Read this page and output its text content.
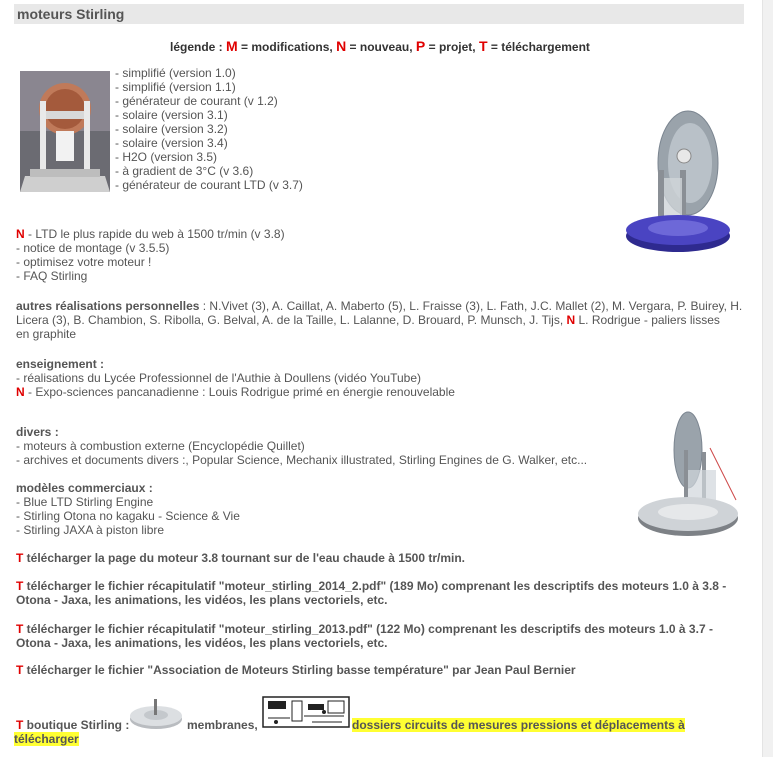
moteurs Stirling
légende : M = modifications, N = nouveau, P = projet, T = téléchargement
- simplifié (version 1.0)
- simplifié (version 1.1)
- générateur de courant (v 1.2)
- solaire (version 3.1)
- solaire (version 3.2)
- solaire (version 3.4)
- H2O (version 3.5)
- à gradient de 3°C (v 3.6)
- générateur de courant LTD (v 3.7)
N - LTD le plus rapide du web à 1500 tr/min (v 3.8)
- notice de montage (v 3.5.5)
- optimisez votre moteur !
- FAQ Stirling
autres réalisations personnelles : N.Vivet (3), A. Caillat, A. Maberto (5), L. Fraisse (3), L. Fath, J.C. Mallet (2), M. Vergara, P. Buirey, H.
Licera (3), B. Chambion, S. Ribolla, G. Belval, A. de la Taille, L. Lalanne, D. Brouard, P. Munsch, J. Tijs, N L. Rodrigue - paliers lisses
en graphite
enseignement :
- réalisations du Lycée Professionnel de l'Authie à Doullens (vidéo YouTube)
N - Expo-sciences pancanadienne : Louis Rodrigue primé en énergie renouvelable
divers :
- moteurs à combustion externe (Encyclopédie Quillet)
- archives et documents divers :, Popular Science, Mechanix illustrated, Stirling Engines de G. Walker, etc...
modèles commerciaux :
- Blue LTD Stirling Engine
- Stirling Otona no kagaku - Science & Vie
- Stirling JAXA à piston libre
T télécharger la page du moteur 3.8 tournant sur de l'eau chaude à 1500 tr/min.
T télécharger le fichier récapitulatif "moteur_stirling_2014_2.pdf" (189 Mo) comprenant les descriptifs des moteurs 1.0 à 3.8 -
Otona - Jaxa, les animations, les vidéos, les plans vectoriels, etc.
T télécharger le fichier récapitulatif "moteur_stirling_2013.pdf" (122 Mo) comprenant les descriptifs des moteurs 1.0 à 3.7 -
Otona - Jaxa, les animations, les vidéos, les plans vectoriels, etc.
T télécharger le fichier "Association de Moteurs Stirling basse température" par Jean Paul Bernier
T boutique Stirling :	membranes,	dossiers circuits de mesures pressions et déplacements à
télécharger
